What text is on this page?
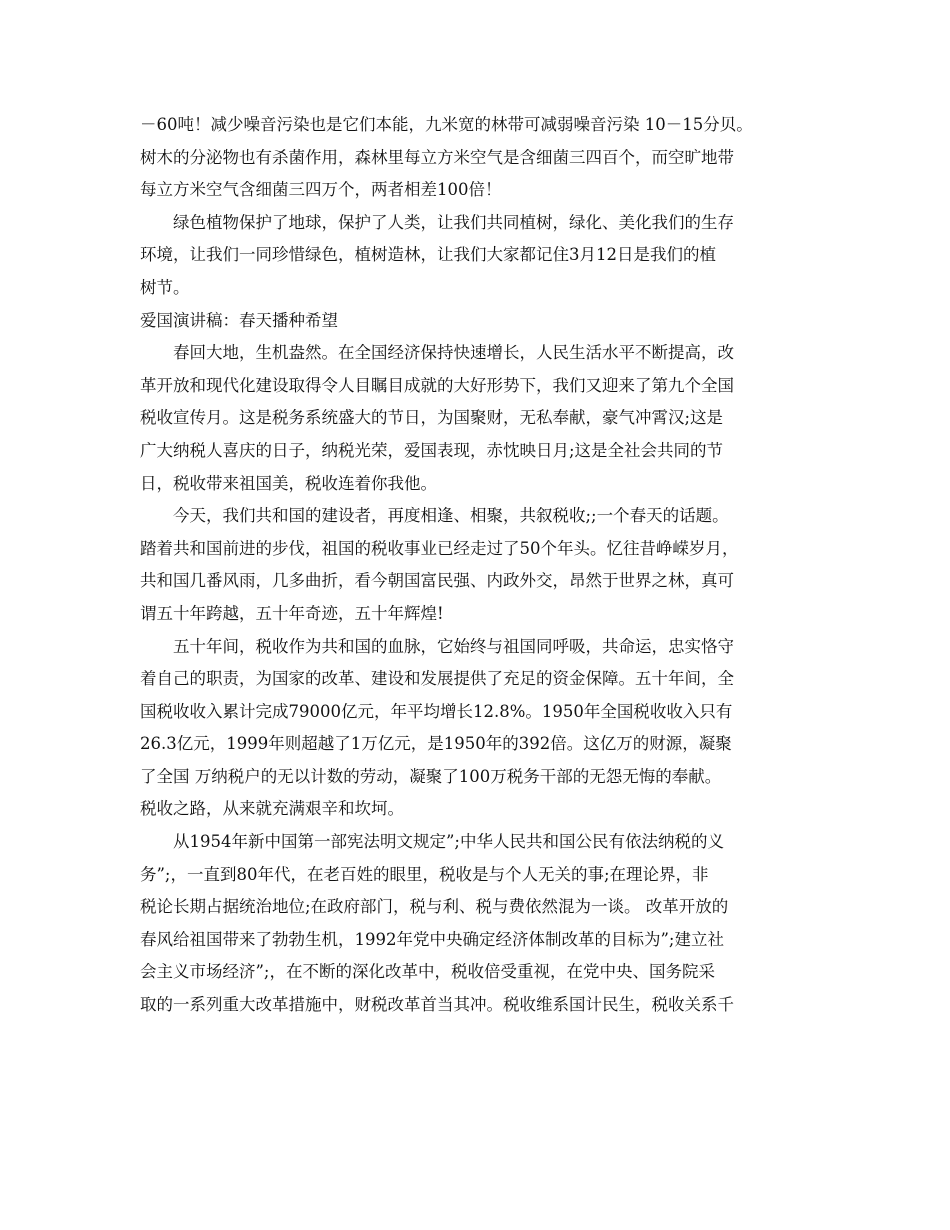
－60吨！减少噪音污染也是它们本能，九米宽的林带可减弱噪音污染 10－15分贝。
树木的分泌物也有杀菌作用，森林里每立方米空气是含细菌三四百个，而空旷地带
每立方米空气含细菌三四万个，两者相差100倍！
绿色植物保护了地球，保护了人类，让我们共同植树，绿化、美化我们的生存
环境，让我们一同珍惜绿色，植树造林，让我们大家都记住3月12日是我们的植
树节。
爱国演讲稿：春天播种希望
春回大地，生机盎然。在全国经济保持快速增长，人民生活水平不断提高，改
革开放和现代化建设取得令人目瞩目成就的大好形势下，我们又迎来了第九个全国
税收宣传月。这是税务系统盛大的节日，为国聚财，无私奉献，豪气冲霄汉;这是
广大纳税人喜庆的日子，纳税光荣，爱国表现，赤忱映日月;这是全社会共同的节
日，税收带来祖国美，税收连着你我他。
今天，我们共和国的建设者，再度相逢、相聚，共叙税收;;一个春天的话题。
踏着共和国前进的步伐，祖国的税收事业已经走过了50个年头。忆往昔峥嵘岁月，
共和国几番风雨，几多曲折，看今朝国富民强、内政外交，昂然于世界之林，真可
谓五十年跨越，五十年奇迹，五十年辉煌!
五十年间，税收作为共和国的血脉，它始终与祖国同呼吸，共命运，忠实恪守
着自己的职责，为国家的改革、建设和发展提供了充足的资金保障。五十年间，全
国税收收入累计完成79000亿元，年平均增长12.8%。1950年全国税收收入只有
26.3亿元，1999年则超越了1万亿元，是1950年的392倍。这亿万的财源，凝聚
了全国 万纳税户的无以计数的劳动，凝聚了100万税务干部的无怨无悔的奉献。
税收之路，从来就充满艰辛和坎坷。
从1954年新中国第一部宪法明文规定”;中华人民共和国公民有依法纳税的义
务”;，一直到80年代，在老百姓的眼里，税收是与个人无关的事;在理论界，非
税论长期占据统治地位;在政府部门，税与利、税与费依然混为一谈。 改革开放的
春风给祖国带来了勃勃生机，1992年党中央确定经济体制改革的目标为”;建立社
会主义市场经济”;，在不断的深化改革中，税收倍受重视，在党中央、国务院采
取的一系列重大改革措施中，财税改革首当其冲。税收维系国计民生，税收关系千
